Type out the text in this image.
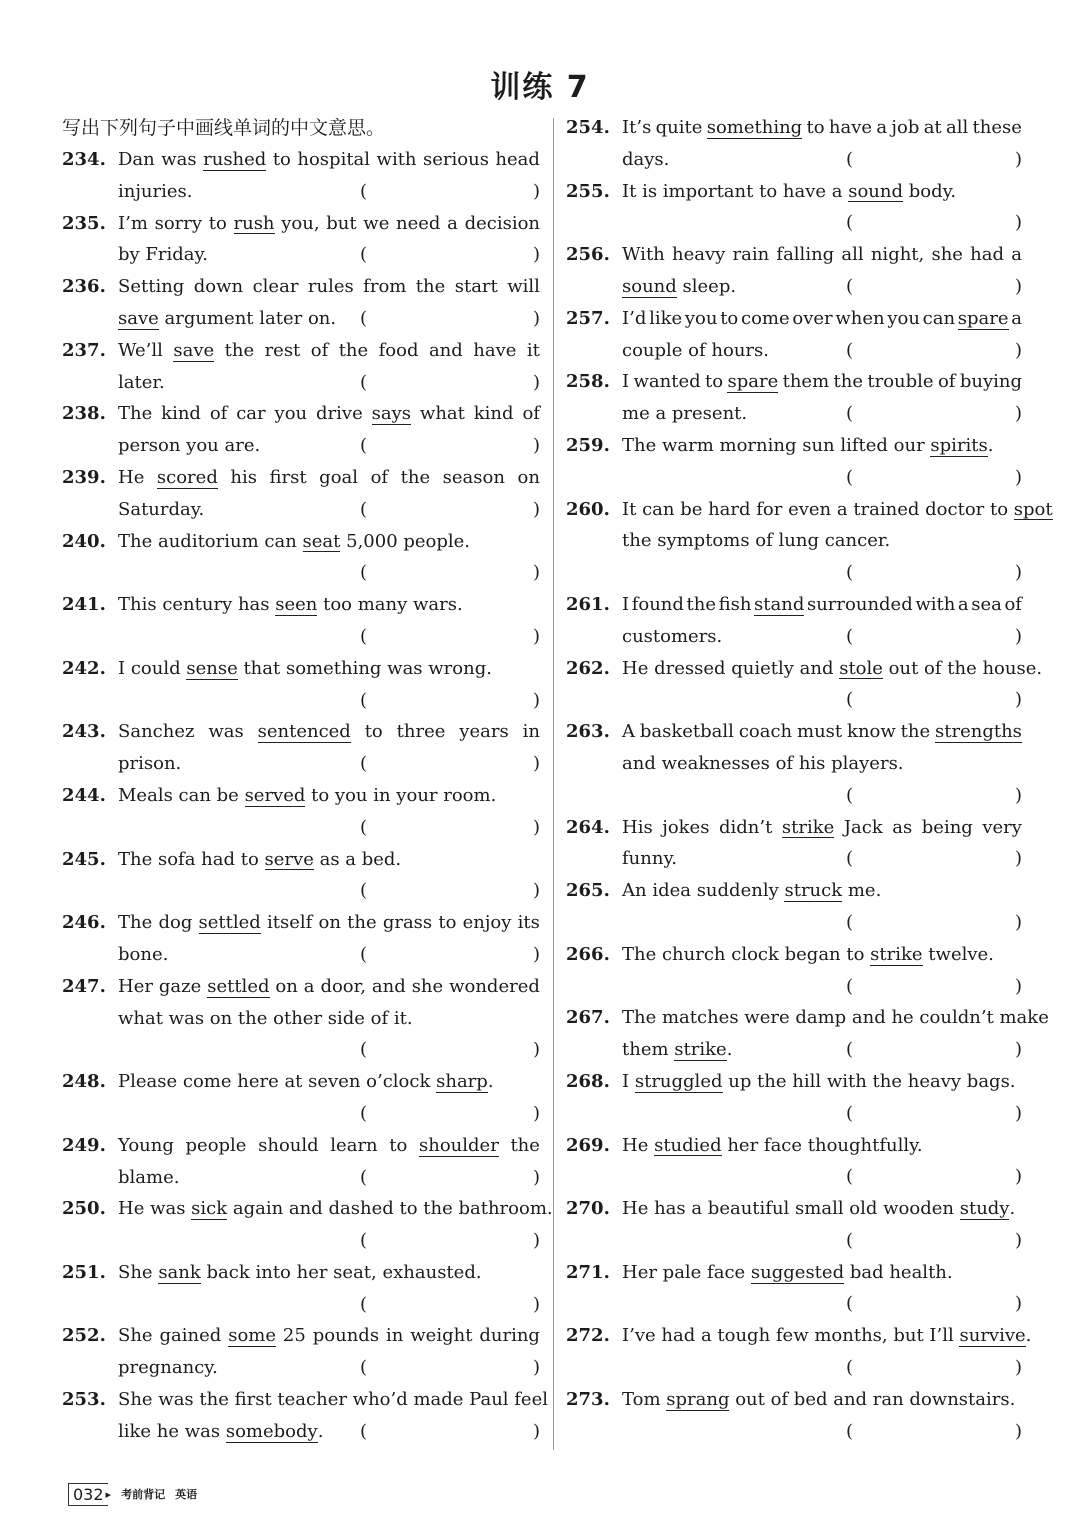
训练 7
写出下列句子中画线单词的中文意思。
234. Dan was rushed to hospital with serious head
injuries.	(	)
235. I’m sorry to rush you, but we need a decision
by Friday.	(	)
236. Setting down clear rules from the start will
save argument later on. (	)
237. We’ll save the rest of the food and have it
later.	(	)
238. The kind of car you drive says what kind of
person you are.	(	)
239. He scored his first goal of the season on
Saturday.	(	)
240. The auditorium can seat 5,000 people.
(	)
241. This century has seen too many wars.
(	)
242. I could sense that something was wrong.
(	)
243. Sanchez was sentenced to three years in
prison.	(	)
244. Meals can be served to you in your room.
(	)
245. The sofa had to serve as a bed.
(	)
246. The dog settled itself on the grass to enjoy its
bone.	(	)
247. Her gaze settled on a door, and she wondered
what was on the other side of it.
(	)
248. Please come here at seven o’clock sharp.
(	)
249. Young people should learn to shoulder the
blame.	(	)
250. He was sick again and dashed to the bathroom.
(	)
251. She sank back into her seat, exhausted.
(	)
252. She gained some 25 pounds in weight during
pregnancy.	(	)
253. She was the first teacher who’d made Paul feel
like he was somebody. (	)
254. It’s quite something to have a job at all these
days.	(	)
255. It is important to have a sound body.
(	)
256. With heavy rain falling all night, she had a
sound sleep.	(	)
257. I’d like you to come over when you can spare a
couple of hours.	(	)
258. I wanted to spare them the trouble of buying
me a present.	(	)
259. The warm morning sun lifted our spirits.
(	)
260. It can be hard for even a trained doctor to spot
the symptoms of lung cancer.
(	)
261. I found the fish stand surrounded with a sea of
customers.	(	)
262. He dressed quietly and stole out of the house.
(	)
263. A basketball coach must know the strengths
and weaknesses of his players.
(	)
264. His jokes didn’t strike Jack as being very
funny.	(	)
265. An idea suddenly struck me.
(	)
266. The church clock began to strike twelve.
(	)
267. The matches were damp and he couldn’t make
them strike.	(	)
268. I struggled up the hill with the heavy bags.
(	)
269. He studied her face thoughtfully.
(	)
270. He has a beautiful small old wooden study.
(	)
271. Her pale face suggested bad health.
(	)
272. I’ve had a tough few months, but I’ll survive.
(	)
273. Tom sprang out of bed and ran downstairs.
(	)
032 ▸ 考前背记 英语
